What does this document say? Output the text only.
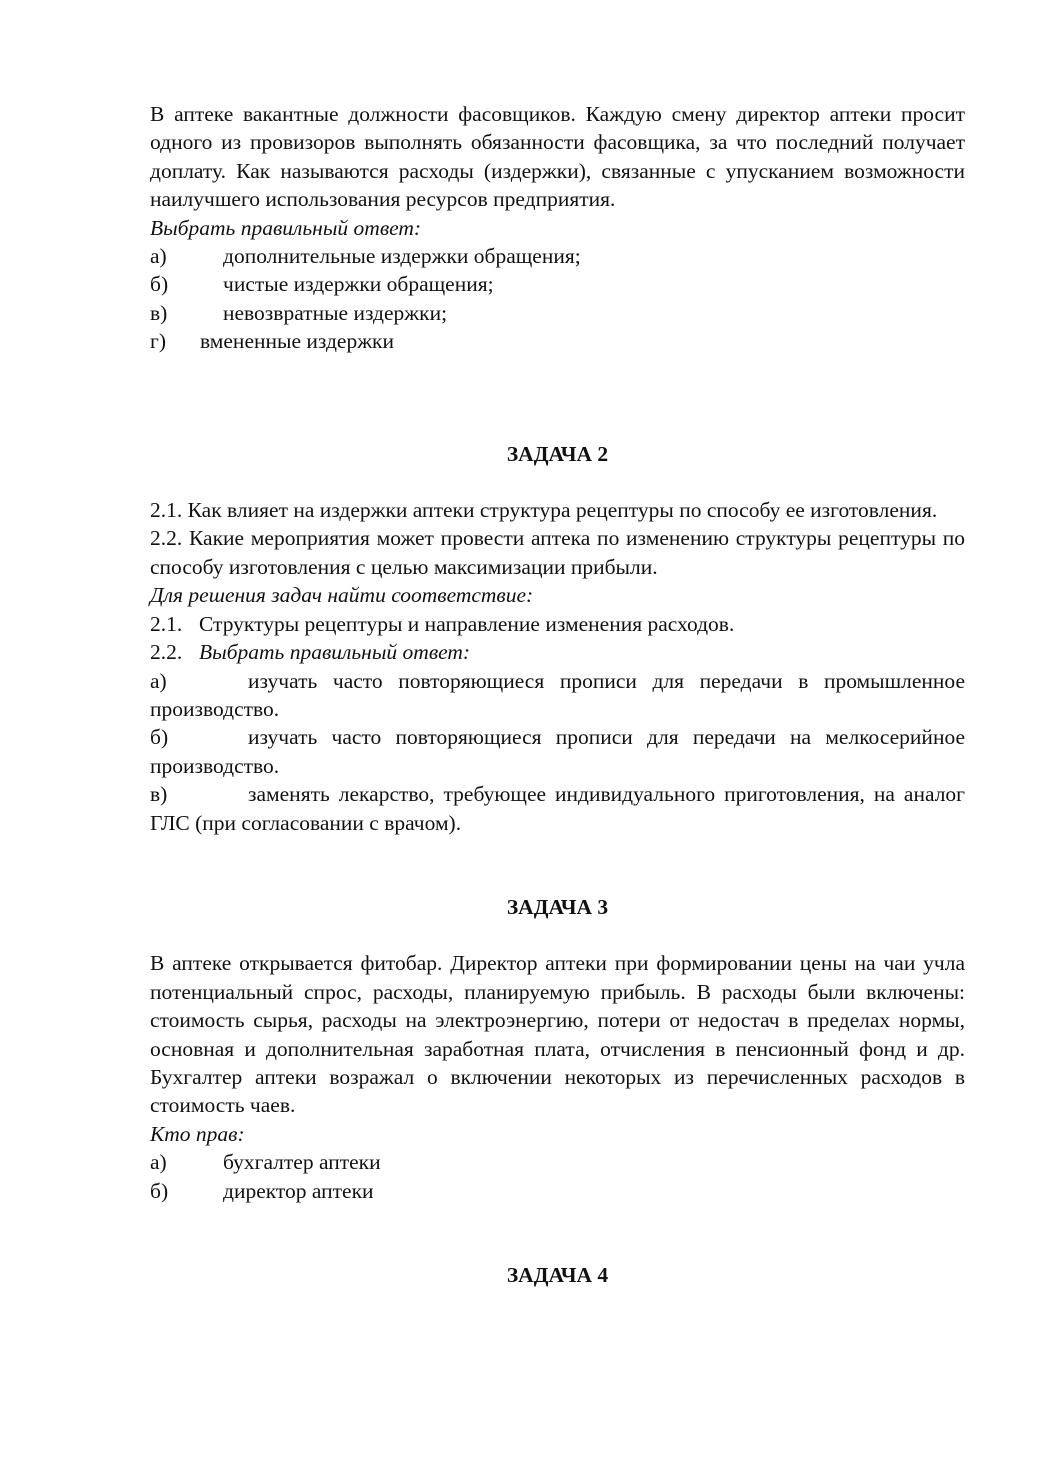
В аптеке вакантные должности фасовщиков. Каждую смену директор аптеки просит одного из провизоров выполнять обязанности фасовщика, за что последний получает доплату. Как называются расходы (издержки), связанные с упусканием возможности наилучшего использования ресурсов предприятия.

Выбрать правильный ответ:

а)	дополнительные издержки обращения;
б)	чистые издержки обращения;
в)	невозвратные издержки;
г)	вмененные издержки

ЗАДАЧА 2

2.1. Как влияет на издержки аптеки структура рецептуры по способу ее изготовления.

2.2. Какие мероприятия может провести аптека по изменению структуры рецептуры по способу изготовления с целью максимизации прибыли.

Для решения задач найти соответствие:

2.1. Структуры рецептуры и направление изменения расходов.
2.2. Выбрать правильный ответ:

а)	изучать часто повторяющиеся прописи для передачи в промышленное производство.

б)	изучать часто повторяющиеся прописи для передачи на мелкосерийное производство.

в)	заменять лекарство, требующее индивидуального приготовления, на аналог ГЛС (при согласовании с врачом).

ЗАДАЧА 3

В аптеке открывается фитобар. Директор аптеки при формировании цены на чаи учла потенциальный спрос, расходы, планируемую прибыль. В расходы были включены: стоимость сырья, расходы на электроэнергию, потери от недостач в пределах нормы, основная и дополнительная заработная плата, отчисления в пенсионный фонд и др. Бухгалтер аптеки возражал о включении некоторых из перечисленных расходов в стоимость чаев.

Кто прав:

а)	бухгалтер аптеки
б)	директор аптеки

ЗАДАЧА 4
